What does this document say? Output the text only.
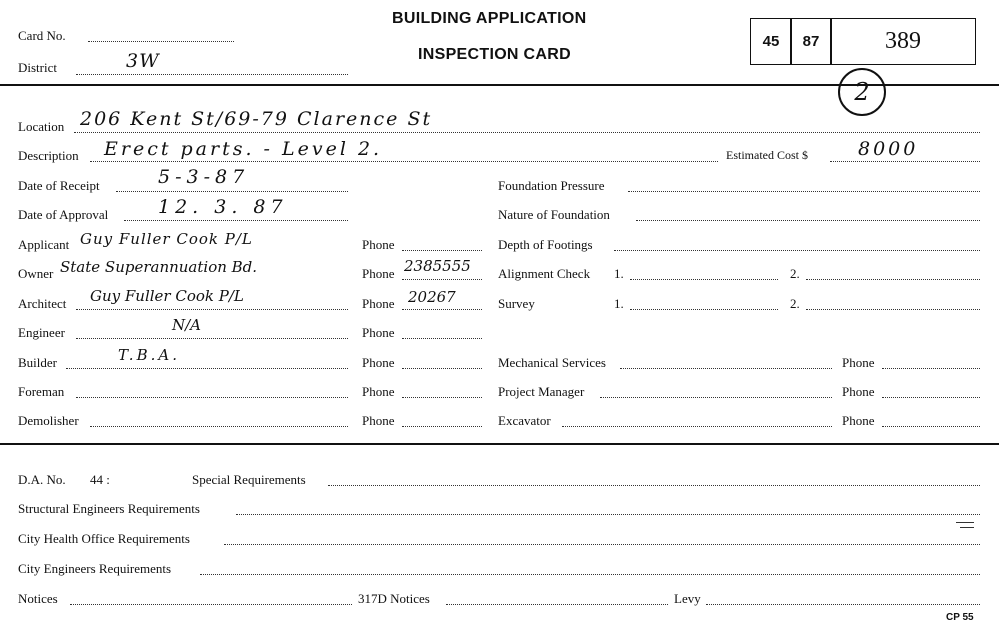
Card No.
District	3W
BUILDING APPLICATION
INSPECTION CARD
45	87	389
2
Location 206 Kent St/69-79 Clarence St
Description Erect parts. - Level 2.	Estimated Cost $	8000
Date of Receipt	5-3-87
Date of Approval	12. 3. 87
Applicant Guy Fuller Cook P/L	Phone
Owner State Superannuation Bd.	Phone 2385555
Architect Guy Fuller Cook P/L	Phone 20267
Engineer	N/A	Phone
Builder	T.B.A.	Phone
Foreman	Phone
Demolisher	Phone
Foundation Pressure
Nature of Foundation
Depth of Footings
Alignment Check 1.	2.
Survey	1.	2.
Mechanical Services	Phone
Project Manager	Phone
Excavator	Phone
D.A. No. 44 :	Special Requirements
Structural Engineers Requirements
City Health Office Requirements
City Engineers Requirements
Notices	317D Notices	Levy
CP 55
